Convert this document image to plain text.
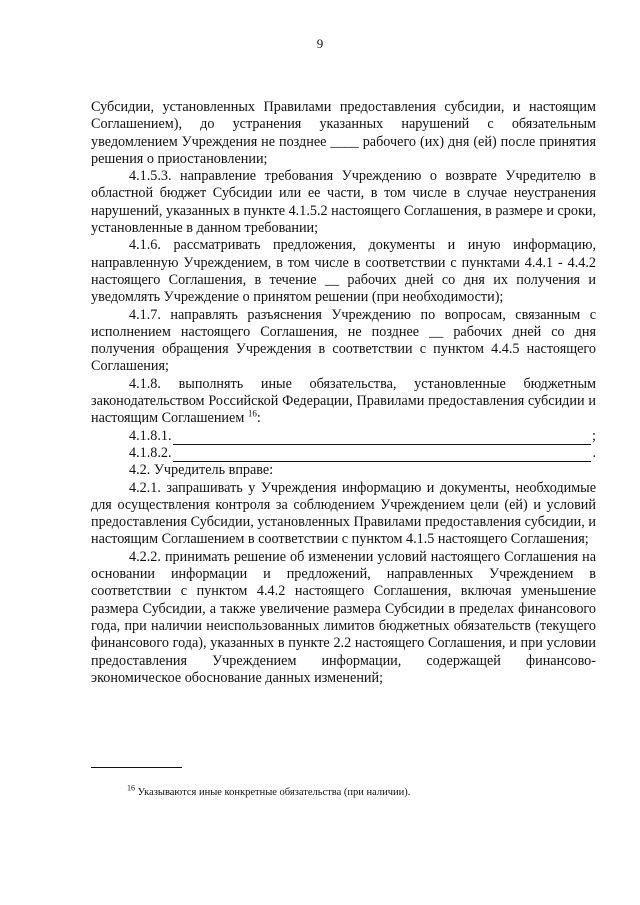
9

Субсидии, установленных Правилами предоставления субсидии, и настоящим Соглашением), до устранения указанных нарушений с обязательным уведомлением Учреждения не позднее ____ рабочего (их) дня (ей) после принятия решения о приостановлении;

4.1.5.3. направление требования Учреждению о возврате Учредителю в областной бюджет Субсидии или ее части, в том числе в случае неустранения нарушений, указанных в пункте 4.1.5.2 настоящего Соглашения, в размере и сроки, установленные в данном требовании;

4.1.6. рассматривать предложения, документы и иную информацию, направленную Учреждением, в том числе в соответствии с пунктами 4.4.1 - 4.4.2 настоящего Соглашения, в течение __ рабочих дней со дня их получения и уведомлять Учреждение о принятом решении (при необходимости);

4.1.7. направлять разъяснения Учреждению по вопросам, связанным с исполнением настоящего Соглашения, не позднее __ рабочих дней со дня получения обращения Учреждения в соответствии с пунктом 4.4.5 настоящего Соглашения;

4.1.8. выполнять иные обязательства, установленные бюджетным законодательством Российской Федерации, Правилами предоставления субсидии и настоящим Соглашением $^{16}$:

4.1.8.1.	;
4.1.8.2.	.

4.2. Учредитель вправе:

4.2.1. запрашивать у Учреждения информацию и документы, необходимые для осуществления контроля за соблюдением Учреждением цели (ей) и условий предоставления Субсидии, установленных Правилами предоставления субсидии, и настоящим Соглашением в соответствии с пунктом 4.1.5 настоящего Соглашения;

4.2.2. принимать решение об изменении условий настоящего Соглашения на основании информации и предложений, направленных Учреждением в соответствии с пунктом 4.4.2 настоящего Соглашения, включая уменьшение размера Субсидии, а также увеличение размера Субсидии в пределах финансового года, при наличии неиспользованных лимитов бюджетных обязательств (текущего финансового года), указанных в пункте 2.2 настоящего Соглашения, и при условии предоставления Учреждением информации, содержащей финансово-экономическое обоснование данных изменений;

$^{16}$ Указываются иные конкретные обязательства (при наличии).
